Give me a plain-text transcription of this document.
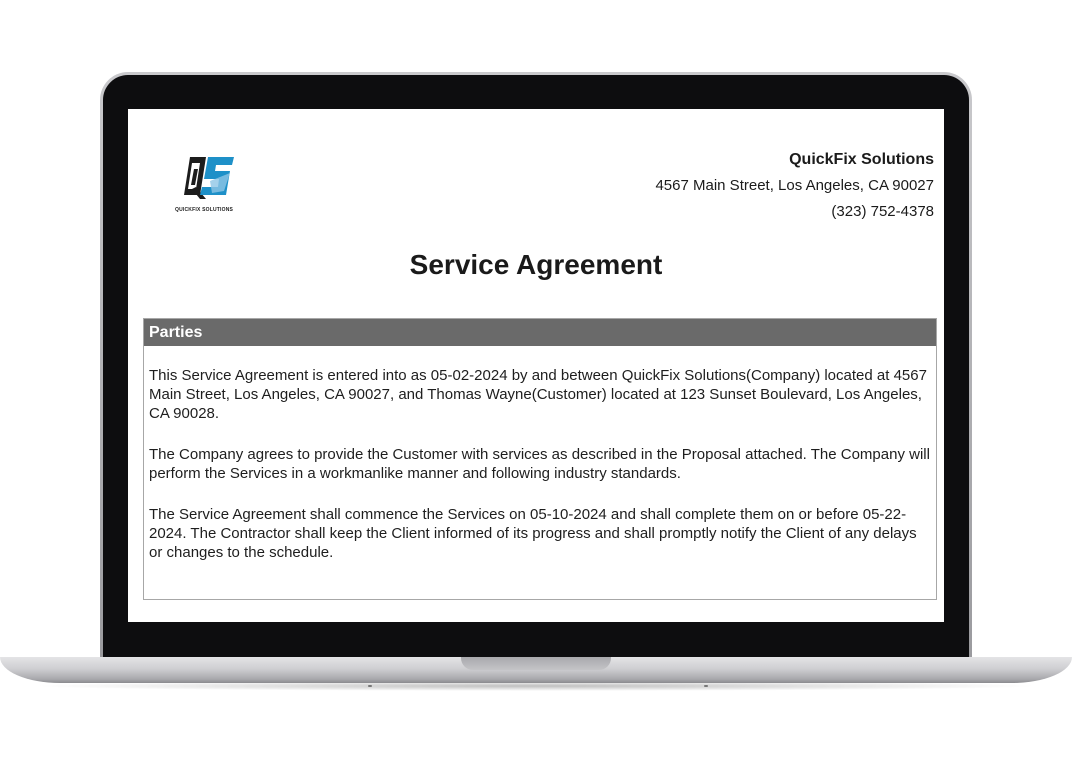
QUICKFIX SOLUTIONS
QuickFix Solutions
4567 Main Street, Los Angeles, CA 90027
(323) 752-4378
Service Agreement
Parties

This Service Agreement is entered into as 05-02-2024 by and between QuickFix Solutions(Company) located at 4567 Main Street, Los Angeles, CA 90027, and Thomas Wayne(Customer) located at 123 Sunset Boulevard, Los Angeles, CA 90028.

The Company agrees to provide the Customer with services as described in the Proposal attached. The Company will perform the Services in a workmanlike manner and following industry standards.

The Service Agreement shall commence the Services on 05-10-2024 and shall complete them on or before 05-22-2024. The Contractor shall keep the Client informed of its progress and shall promptly notify the Client of any delays or changes to the schedule.
